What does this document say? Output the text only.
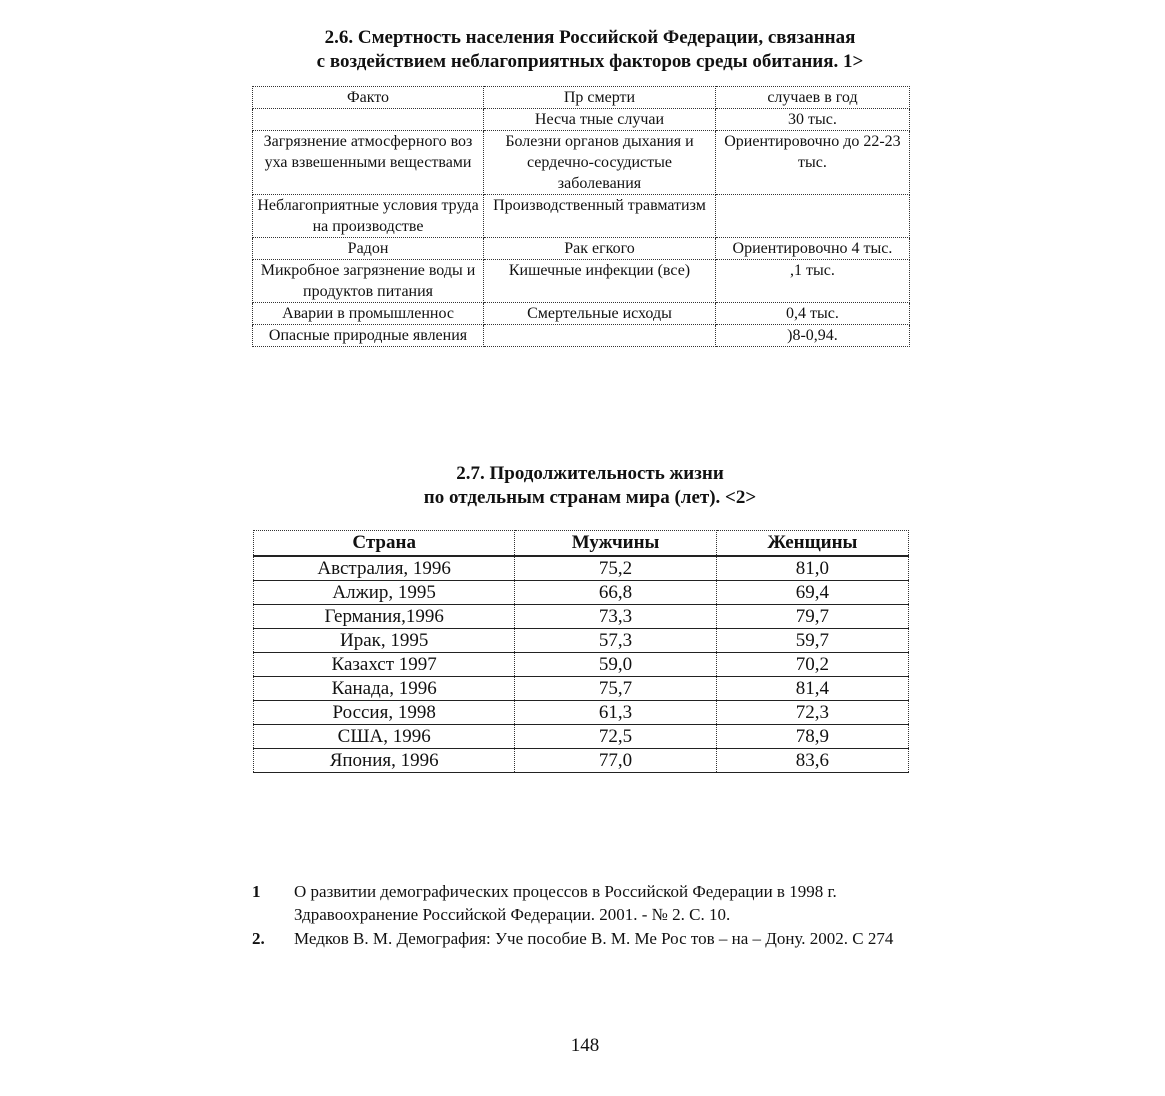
2.6. Смертность населения Российской Федерации, связанная
с воздействием неблагоприятных факторов среды обитания. 1>
Факто	Пр смерти	случаев в год
	Несча тные случаи	30 тыс.
Загрязнение атмосферного воз уха взвешенными веществами	Болезни органов дыхания и сердечно-сосудистые заболевания	Ориентировочно до 22-23 тыс.
Неблагоприятные условия труда на производстве	Производственный травматизм	
Радон	Рак егкого	Ориентировочно 4 тыс.
Микробное загрязнение воды и продуктов питания	Кишечные инфекции (все)	,1 тыс.
Аварии в промышленнос	Смертельные исходы	0,4 тыс.
Опасные природные явления		)8-0,94.
2.7. Продолжительность жизни
по отдельным странам мира (лет). <2>
Страна	Мужчины	Женщины
Австралия, 1996	75,2	81,0
Алжир, 1995	66,8	69,4
Германия,1996	73,3	79,7
Ирак, 1995	57,3	59,7
Казахст 1997	59,0	70,2
Канада, 1996	75,7	81,4
Россия, 1998	61,3	72,3
США, 1996	72,5	78,9
Япония, 1996	77,0	83,6
1	О развитии демографических процессов в Российской Федерации в 1998 г. Здравоохранение Российской Федерации. 2001. - № 2. С. 10.
2.	Медков В. М. Демография: Уче пособие В. М. Ме Рос тов – на – Дону. 2002. С 274
148
